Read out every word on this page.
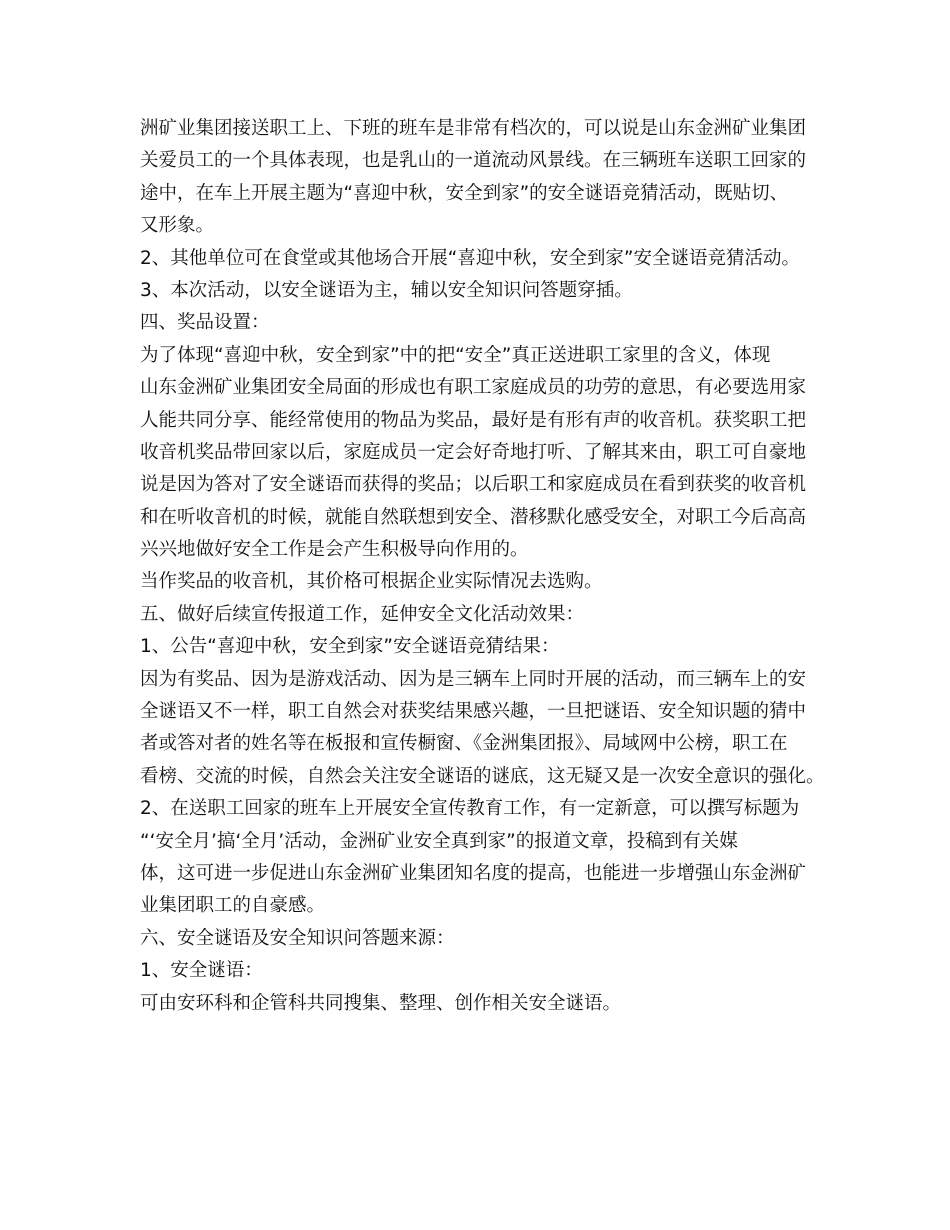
洲矿业集团接送职工上、下班的班车是非常有档次的，可以说是山东金洲矿业集团
关爱员工的一个具体表现，也是乳山的一道流动风景线。在三辆班车送职工回家的
途中，在车上开展主题为“喜迎中秋，安全到家”的安全谜语竞猜活动，既贴切、
又形象。
2、其他单位可在食堂或其他场合开展“喜迎中秋，安全到家”安全谜语竞猜活动。
3、本次活动，以安全谜语为主，辅以安全知识问答题穿插。
四、奖品设置：
为了体现“喜迎中秋，安全到家”中的把“安全”真正送进职工家里的含义，体现
山东金洲矿业集团安全局面的形成也有职工家庭成员的功劳的意思，有必要选用家
人能共同分享、能经常使用的物品为奖品，最好是有形有声的收音机。获奖职工把
收音机奖品带回家以后，家庭成员一定会好奇地打听、了解其来由，职工可自豪地
说是因为答对了安全谜语而获得的奖品；以后职工和家庭成员在看到获奖的收音机
和在听收音机的时候，就能自然联想到安全、潜移默化感受安全，对职工今后高高
兴兴地做好安全工作是会产生积极导向作用的。
当作奖品的收音机，其价格可根据企业实际情况去选购。
五、做好后续宣传报道工作，延伸安全文化活动效果：
1、公告“喜迎中秋，安全到家”安全谜语竞猜结果：
因为有奖品、因为是游戏活动、因为是三辆车上同时开展的活动，而三辆车上的安
全谜语又不一样，职工自然会对获奖结果感兴趣，一旦把谜语、安全知识题的猜中
者或答对者的姓名等在板报和宣传橱窗、《金洲集团报》、局域网中公榜，职工在
看榜、交流的时候，自然会关注安全谜语的谜底，这无疑又是一次安全意识的强化。
2、在送职工回家的班车上开展安全宣传教育工作，有一定新意，可以撰写标题为
“‘安全月’搞‘全月’活动，金洲矿业安全真到家”的报道文章，投稿到有关媒
体，这可进一步促进山东金洲矿业集团知名度的提高，也能进一步增强山东金洲矿
业集团职工的自豪感。
六、安全谜语及安全知识问答题来源：
1、安全谜语：
可由安环科和企管科共同搜集、整理、创作相关安全谜语。
